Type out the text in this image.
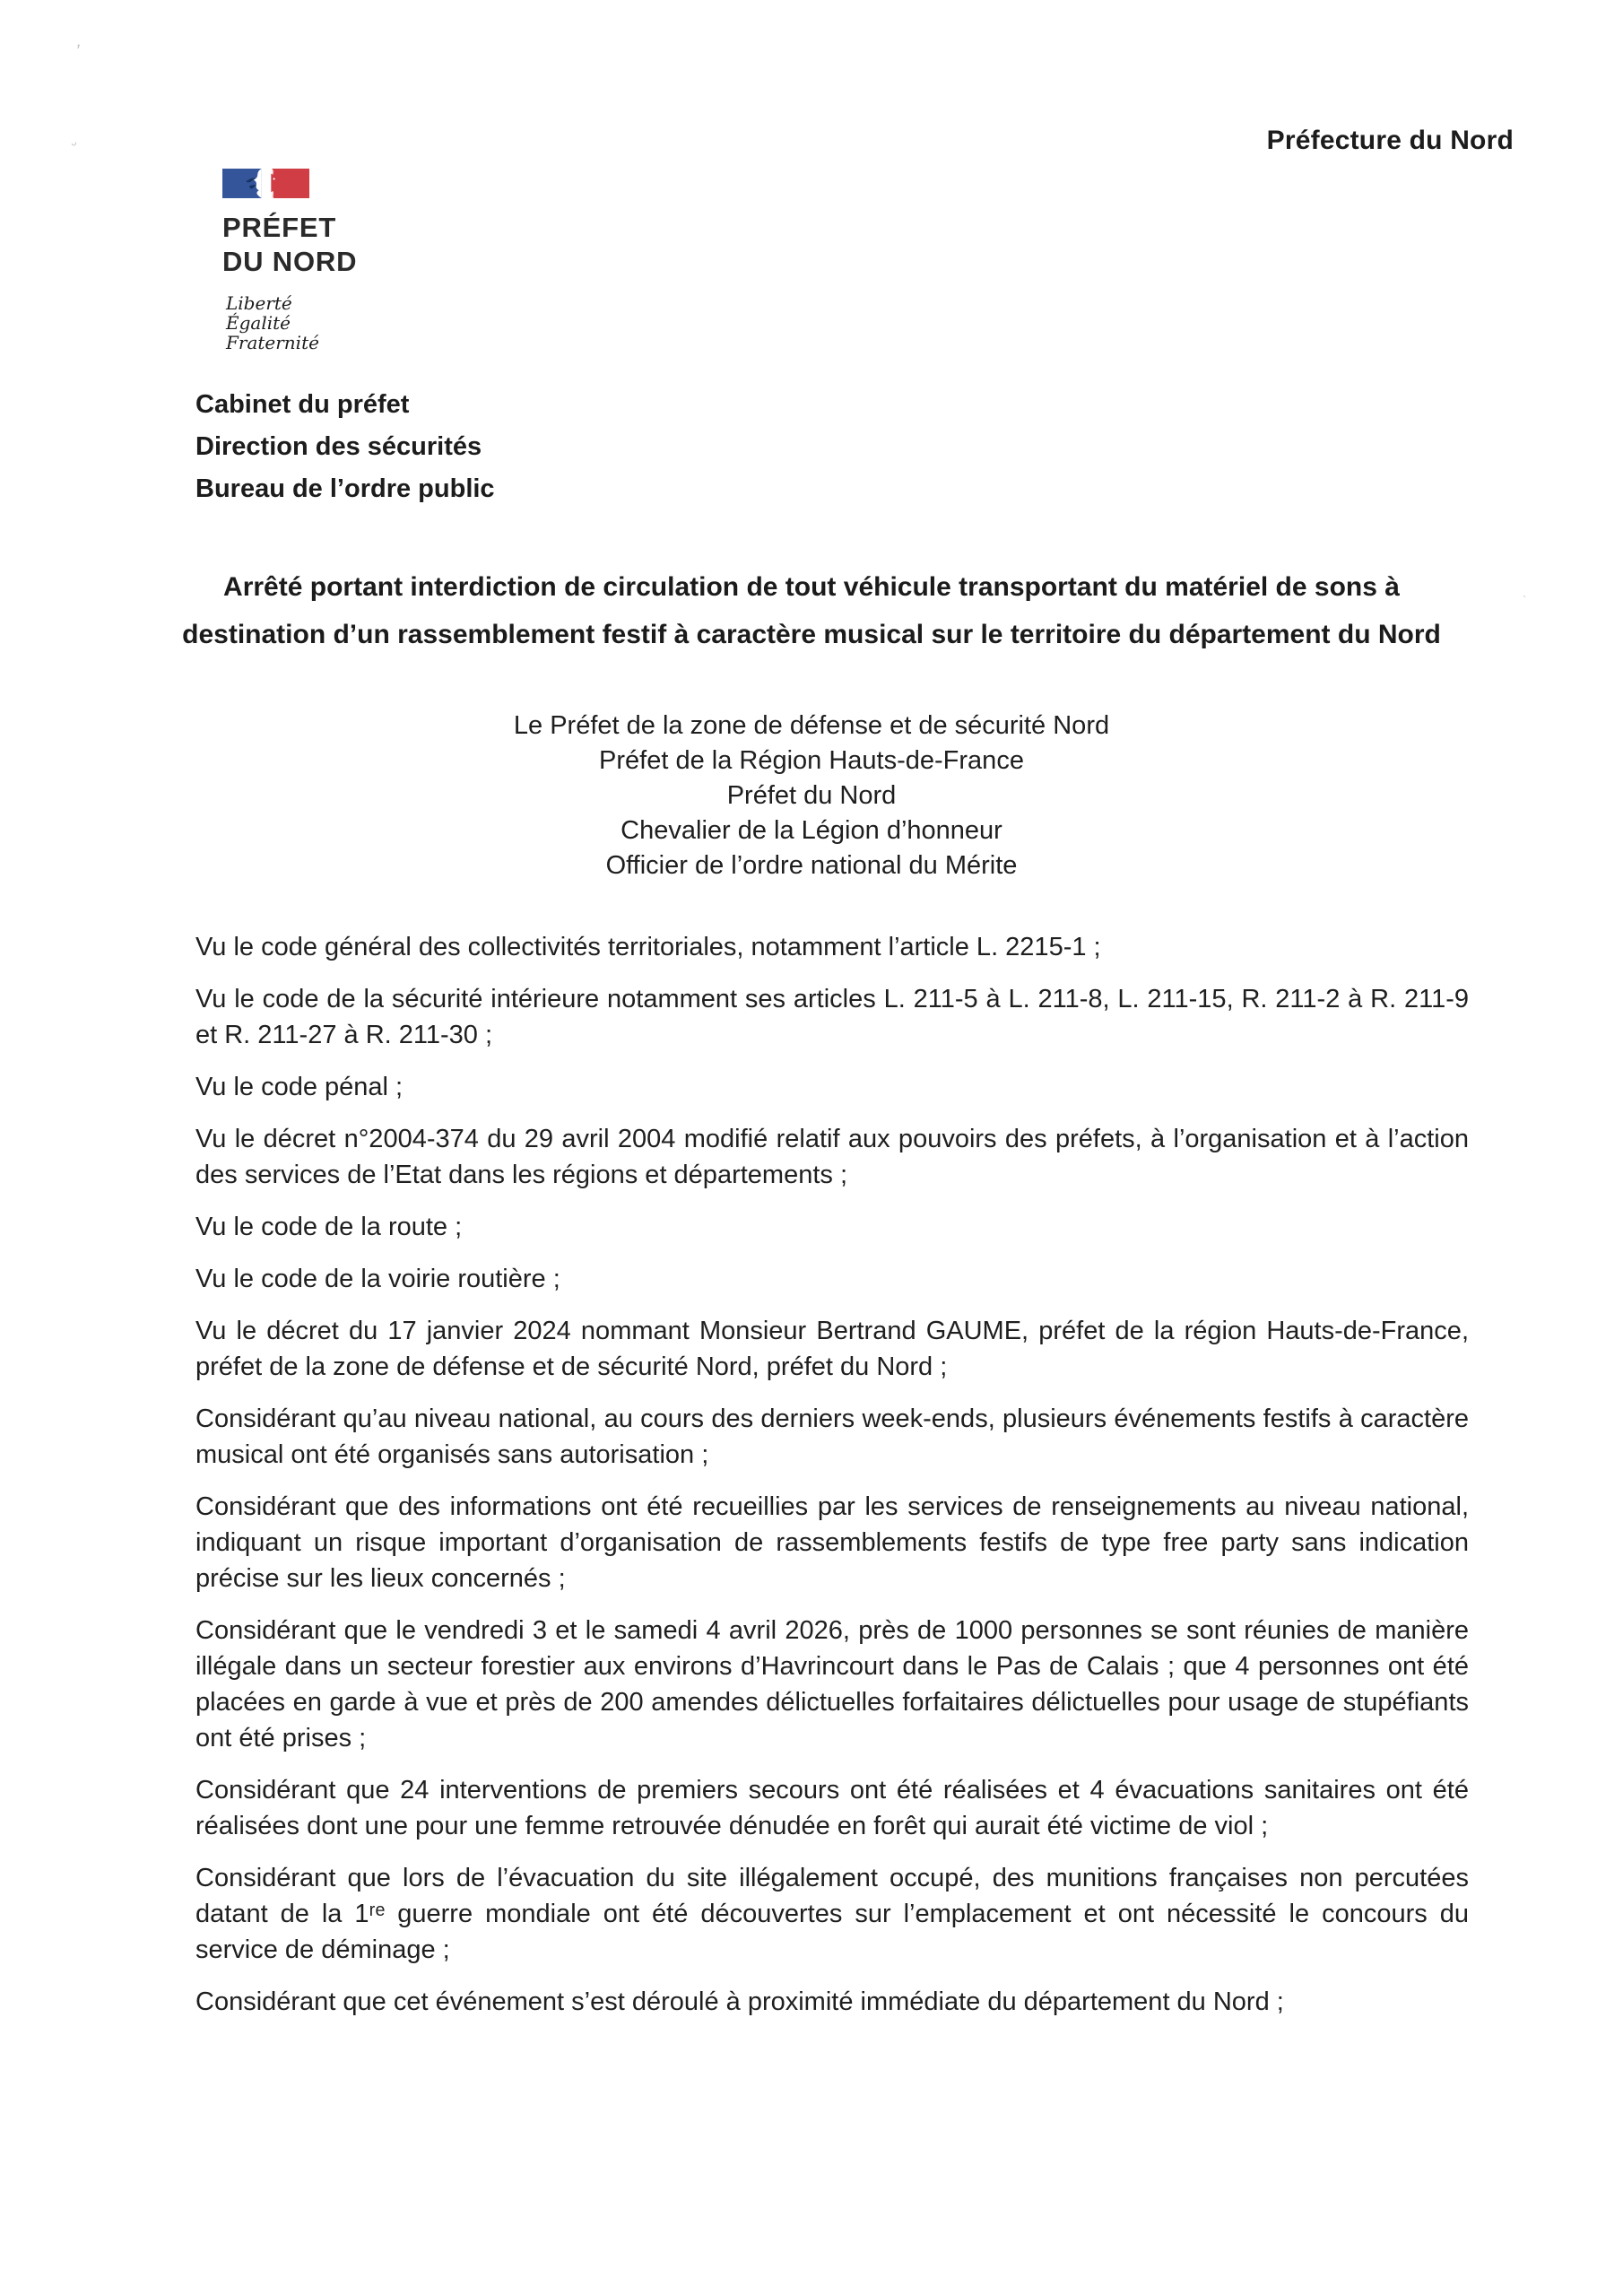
ʼ
ᵕ
ˎ
Préfecture du Nord
PRÉFET
DU NORD
Liberté
Égalité
Fraternité
Cabinet du préfet
Direction des sécurités
Bureau de l’ordre public
Arrêté portant interdiction de circulation de tout véhicule transportant du matériel de sons à destination d’un rassemblement festif à caractère musical sur le territoire du département du Nord
Le Préfet de la zone de défense et de sécurité Nord
Préfet de la Région Hauts-de-France
Préfet du Nord
Chevalier de la Légion d’honneur
Officier de l’ordre national du Mérite

Vu le code général des collectivités territoriales, notamment l’article L. 2215-1 ;

Vu le code de la sécurité intérieure notamment ses articles L. 211-5 à L. 211-8, L. 211-15, R. 211-2 à R. 211-9 et R. 211-27 à R. 211-30 ;

Vu le code pénal ;

Vu le décret n°2004-374 du 29 avril 2004 modifié relatif aux pouvoirs des préfets, à l’organisation et à l’action des services de l’Etat dans les régions et départements ;

Vu le code de la route ;

Vu le code de la voirie routière ;

Vu le décret du 17 janvier 2024 nommant Monsieur Bertrand GAUME, préfet de la région Hauts-de-France, préfet de la zone de défense et de sécurité Nord, préfet du Nord ;

Considérant qu’au niveau national, au cours des derniers week-ends, plusieurs événements festifs à caractère musical ont été organisés sans autorisation ;

Considérant que des informations ont été recueillies par les services de renseignements au niveau national, indiquant un risque important d’organisation de rassemblements festifs de type free party sans indication précise sur les lieux concernés ;

Considérant que le vendredi 3 et le samedi 4 avril 2026, près de 1000 personnes se sont réunies de manière illégale dans un secteur forestier aux environs d’Havrincourt dans le Pas de Calais ; que 4 personnes ont été placées en garde à vue et près de 200 amendes délictuelles forfaitaires délictuelles pour usage de stupéfiants ont été prises ;

Considérant que 24 interventions de premiers secours ont été réalisées et 4 évacuations sanitaires ont été réalisées dont une pour une femme retrouvée dénudée en forêt qui aurait été victime de viol ;

Considérant que lors de l’évacuation du site illégalement occupé, des munitions françaises non percutées datant de la 1ʳᵉ guerre mondiale ont été découvertes sur l’emplacement et ont nécessité le concours du service de déminage ;

Considérant que cet événement s’est déroulé à proximité immédiate du département du Nord ;
